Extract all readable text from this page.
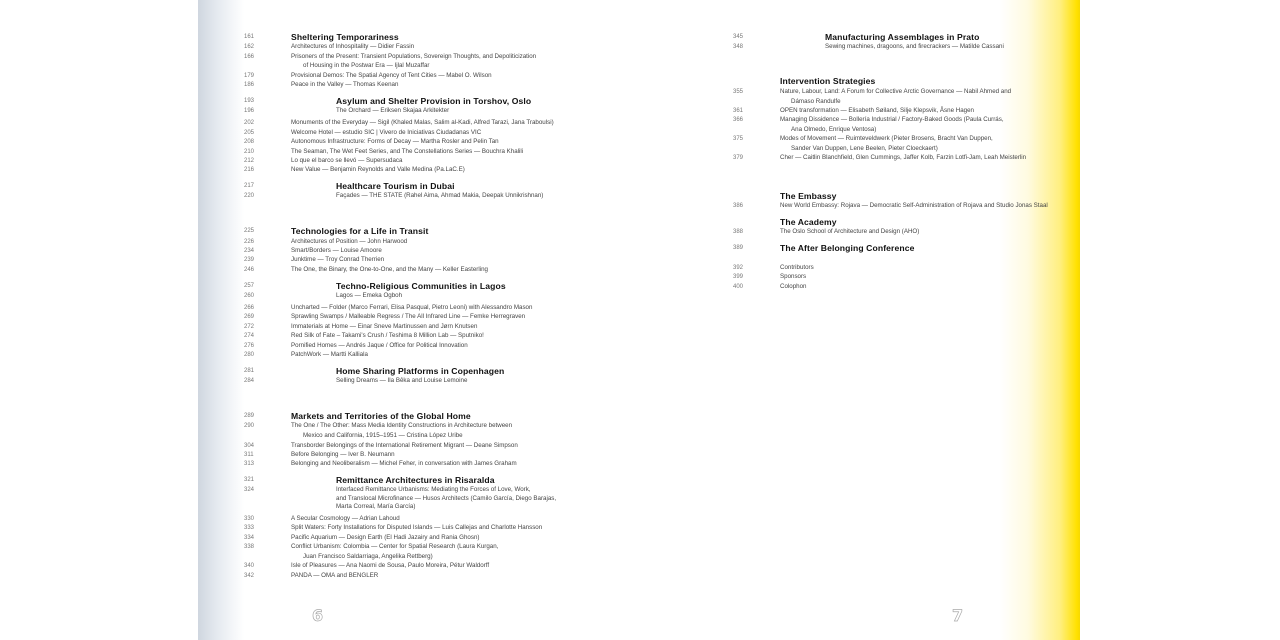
161	Sheltering Temporariness
162	Architectures of Inhospitality — Didier Fassin
166	Prisoners of the Present: Transient Populations, Sovereign Thoughts, and Depoliticization
of Housing in the Postwar Era — Ijlal Muzaffar
179	Provisional Demos: The Spatial Agency of Tent Cities — Mabel O. Wilson
186	Peace in the Valley — Thomas Keenan
193	Asylum and Shelter Provision in Torshov, Oslo
196	The Orchard — Eriksen Skajaa Arkitekter
202	Monuments of the Everyday — Sigil (Khaled Malas, Salim al-Kadi, Alfred Tarazi, Jana Traboulsi)
205	Welcome Hotel — estudio SIC | Vivero de Iniciativas Ciudadanas VIC
208	Autonomous Infrastructure: Forms of Decay — Martha Rosler and Pelin Tan
210	The Seaman, The Wet Feet Series, and The Constellations Series — Bouchra Khalili
212	Lo que el barco se llevó — Supersudaca
216	New Value — Benjamin Reynolds and Valle Medina (Pa.LaC.E)
217	Healthcare Tourism in Dubai
220	Façades — THE STATE (Rahel Aima, Ahmad Makia, Deepak Unnikrishnan)
225	Technologies for a Life in Transit
226	Architectures of Position — John Harwood
234	Smart/Borders — Louise Amoore
239	Junktime — Troy Conrad Therrien
246	The One, the Binary, the One-to-One, and the Many — Keller Easterling
257	Techno-Religious Communities in Lagos
260	Lagos — Emeka Ogboh
266	Uncharted — Folder (Marco Ferrari, Elisa Pasqual, Pietro Leoni) with Alessandro Mason
269	Sprawling Swamps / Malleable Regress / The All Infrared Line — Femke Herregraven
272	Immaterials at Home — Einar Sneve Martinussen and Jørn Knutsen
274	Red Silk of Fate – Takami's Crush / Teshima 8 Million Lab — Sputniko!
276	Pornified Homes — Andrés Jaque / Office for Political Innovation
280	PatchWork — Martti Kalliala
281	Home Sharing Platforms in Copenhagen
284	Selling Dreams — Ila Bêka and Louise Lemoine
289	Markets and Territories of the Global Home
290	The One / The Other: Mass Media Identity Constructions in Architecture between
Mexico and California, 1915–1951 — Cristina López Uribe
304	Transborder Belongings of the International Retirement Migrant — Deane Simpson
311	Before Belonging — Iver B. Neumann
313	Belonging and Neoliberalism — Michel Feher, in conversation with James Graham
321	Remittance Architectures in Risaralda
324	Interfaced Remittance Urbanisms: Mediating the Forces of Love, Work,
and Translocal Microfinance — Husos Architects (Camilo García, Diego Barajas,
Marta Correal, María García)
330	A Secular Cosmology — Adrian Lahoud
333	Split Waters: Forty Installations for Disputed Islands — Luis Callejas and Charlotte Hansson
334	Pacific Aquarium — Design Earth (El Hadi Jazairy and Rania Ghosn)
338	Conflict Urbanism: Colombia — Center for Spatial Research (Laura Kurgan,
Juan Francisco Saldarriaga, Angelika Rettberg)
340	Isle of Pleasures — Ana Naomi de Sousa, Paulo Moreira, Pétur Waldorff
342	PANDA — OMA and BENGLER
345	Manufacturing Assemblages in Prato
348	Sewing machines, dragoons, and firecrackers — Matilde Cassani
Intervention Strategies
355	Nature, Labour, Land: A Forum for Collective Arctic Governance — Nabil Ahmed and
Dámaso Randulfe
361	OPEN transformation — Elisabeth Søiland, Silje Klepsvik, Åsne Hagen
366	Managing Dissidence — Bollería Industrial / Factory-Baked Goods (Paula Currás,
Ana Olmedo, Enrique Ventosa)
375	Modes of Movement — Ruimteveldwerk (Pieter Brosens, Bracht Van Duppen,
Sander Van Duppen, Lene Beelen, Pieter Cloeckaert)
379	Cher — Caitlin Blanchfield, Glen Cummings, Jaffer Kolb, Farzin Lotfi-Jam, Leah Meisterlin
The Embassy
386	New World Embassy: Rojava — Democratic Self-Administration of Rojava and Studio Jonas Staal
The Academy
388	The Oslo School of Architecture and Design (AHO)
389	The After Belonging Conference
392	Contributors
399	Sponsors
400	Colophon
6	7
